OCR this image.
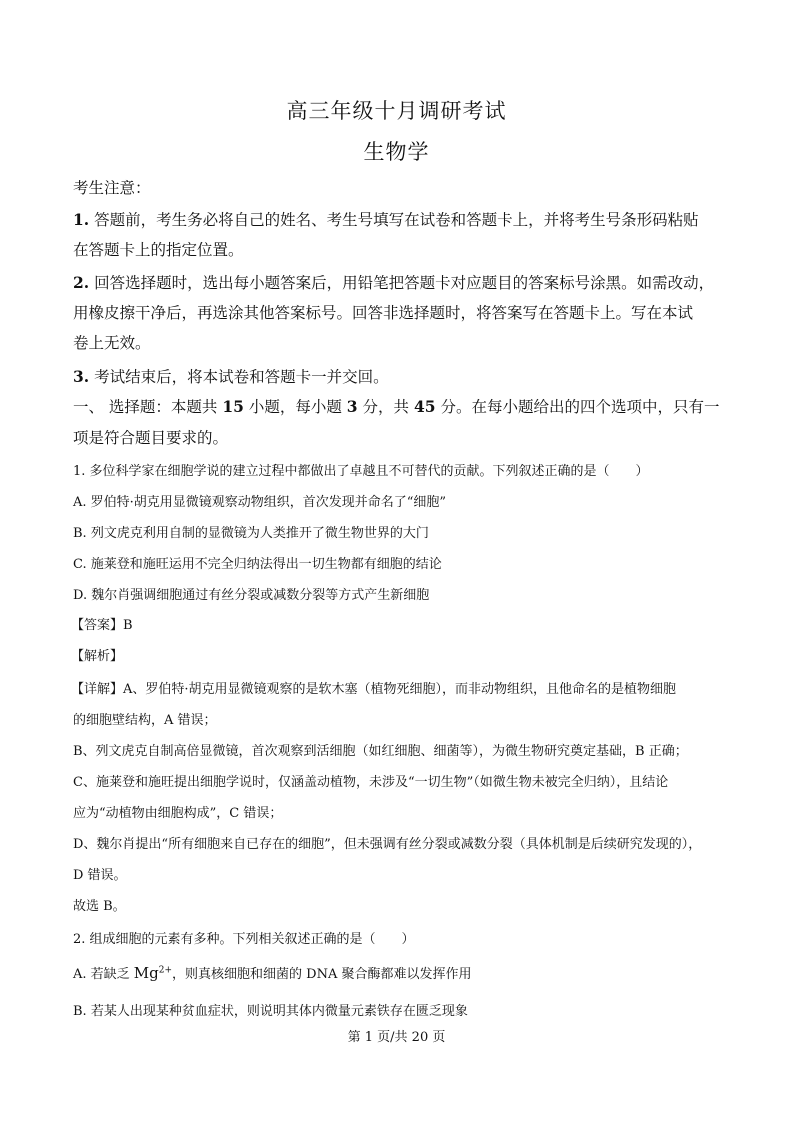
高三年级十月调研考试
生物学
考生注意：
1. 答题前，考生务必将自己的姓名、考生号填写在试卷和答题卡上，并将考生号条形码粘贴
在答题卡上的指定位置。
2. 回答选择题时，选出每小题答案后，用铅笔把答题卡对应题目的答案标号涂黑。如需改动，
用橡皮擦干净后，再选涂其他答案标号。回答非选择题时，将答案写在答题卡上。写在本试
卷上无效。
3. 考试结束后，将本试卷和答题卡一并交回。
一、 选择题：本题共 15 小题，每小题 3 分，共 45 分。在每小题给出的四个选项中，只有一
项是符合题目要求的。
1. 多位科学家在细胞学说的建立过程中都做出了卓越且不可替代的贡献。下列叙述正确的是（　　）
A. 罗伯特·胡克用显微镜观察动物组织，首次发现并命名了“细胞”
B. 列文虎克利用自制的显微镜为人类推开了微生物世界的大门
C. 施莱登和施旺运用不完全归纳法得出一切生物都有细胞的结论
D. 魏尔肖强调细胞通过有丝分裂或减数分裂等方式产生新细胞
【答案】B
【解析】
【详解】A、罗伯特·胡克用显微镜观察的是软木塞（植物死细胞），而非动物组织，且他命名的是植物细胞
的细胞壁结构，A 错误；
B、列文虎克自制高倍显微镜，首次观察到活细胞（如红细胞、细菌等），为微生物研究奠定基础，B 正确；
C、施莱登和施旺提出细胞学说时，仅涵盖动植物，未涉及“一切生物”（如微生物未被完全归纳），且结论
应为“动植物由细胞构成”，C 错误；
D、魏尔肖提出“所有细胞来自已存在的细胞”，但未强调有丝分裂或减数分裂（具体机制是后续研究发现的），
D 错误。
故选 B。
2. 组成细胞的元素有多种。下列相关叙述正确的是（　　）
A. 若缺乏 $Mg^{2+}$，则真核细胞和细菌的 DNA 聚合酶都难以发挥作用
B. 若某人出现某种贫血症状，则说明其体内微量元素铁存在匮乏现象
第 1 页/共 20 页
